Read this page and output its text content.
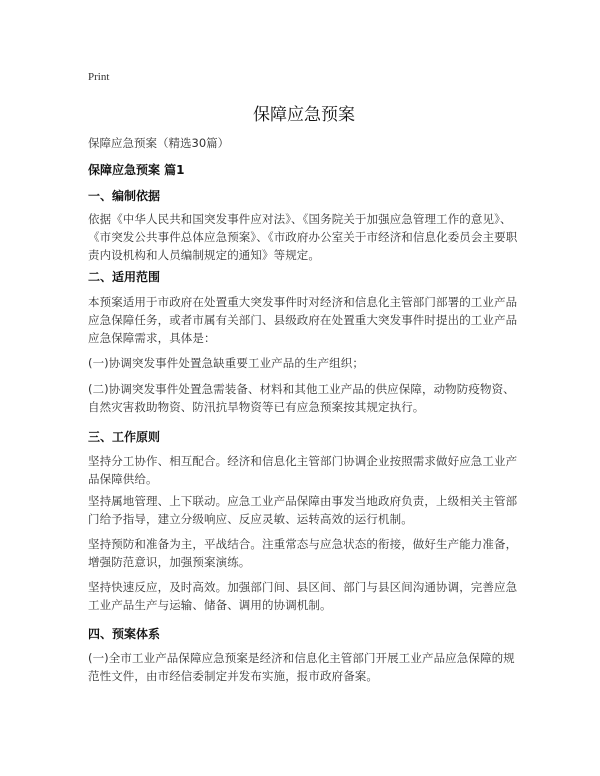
Print
保障应急预案
保障应急预案（精选30篇）
保障应急预案 篇1
一、编制依据
依据《中华人民共和国突发事件应对法》、《国务院关于加强应急管理工作的意见》、《市突发公共事件总体应急预案》、《市政府办公室关于市经济和信息化委员会主要职责内设机构和人员编制规定的通知》等规定。
二、适用范围
本预案适用于市政府在处置重大突发事件时对经济和信息化主管部门部署的工业产品应急保障任务，或者市属有关部门、县级政府在处置重大突发事件时提出的工业产品应急保障需求，具体是：
(一)协调突发事件处置急缺重要工业产品的生产组织；
(二)协调突发事件处置急需装备、材料和其他工业产品的供应保障，动物防疫物资、自然灾害救助物资、防汛抗旱物资等已有应急预案按其规定执行。
三、工作原则
坚持分工协作、相互配合。经济和信息化主管部门协调企业按照需求做好应急工业产品保障供给。
坚持属地管理、上下联动。应急工业产品保障由事发当地政府负责，上级相关主管部门给予指导，建立分级响应、反应灵敏、运转高效的运行机制。
坚持预防和准备为主，平战结合。注重常态与应急状态的衔接，做好生产能力准备，增强防范意识，加强预案演练。
坚持快速反应，及时高效。加强部门间、县区间、部门与县区间沟通协调，完善应急工业产品生产与运输、储备、调用的协调机制。
四、预案体系
(一)全市工业产品保障应急预案是经济和信息化主管部门开展工业产品应急保障的规范性文件，由市经信委制定并发布实施，报市政府备案。
